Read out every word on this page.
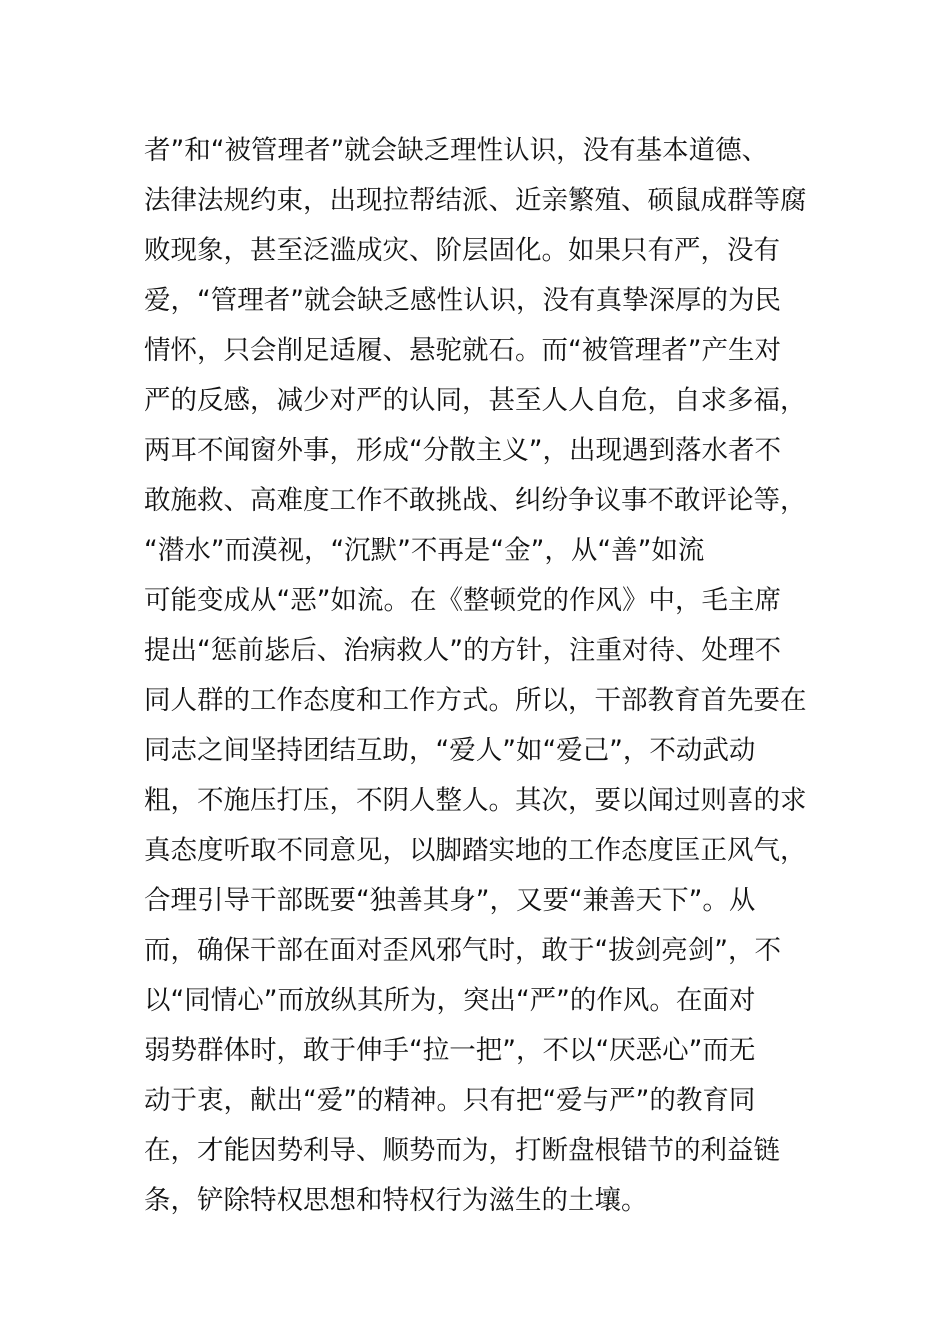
者”和“被管理者”就会缺乏理性认识，没有基本道德、
法律法规约束，出现拉帮结派、近亲繁殖、硕鼠成群等腐
败现象，甚至泛滥成灾、阶层固化。如果只有严，没有
爱，“管理者”就会缺乏感性认识，没有真挚深厚的为民
情怀，只会削足适履、悬驼就石。而“被管理者”产生对
严的反感，减少对严的认同，甚至人人自危，自求多福，
两耳不闻窗外事，形成“分散主义”，出现遇到落水者不
敢施救、高难度工作不敢挑战、纠纷争议事不敢评论等，
“潜水”而漠视，“沉默”不再是“金”，从“善”如流
可能变成从“恶”如流。在《整顿党的作风》中，毛主席
提出“惩前毖后、治病救人”的方针，注重对待、处理不
同人群的工作态度和工作方式。所以，干部教育首先要在
同志之间坚持团结互助，“爱人”如“爱己”，不动武动
粗，不施压打压，不阴人整人。其次，要以闻过则喜的求
真态度听取不同意见，以脚踏实地的工作态度匡正风气，
合理引导干部既要“独善其身”，又要“兼善天下”。从
而，确保干部在面对歪风邪气时，敢于“拔剑亮剑”，不
以“同情心”而放纵其所为，突出“严”的作风。在面对
弱势群体时，敢于伸手“拉一把”，不以“厌恶心”而无
动于衷，献出“爱”的精神。只有把“爱与严”的教育同
在，才能因势利导、顺势而为，打断盘根错节的利益链
条，铲除特权思想和特权行为滋生的土壤。
